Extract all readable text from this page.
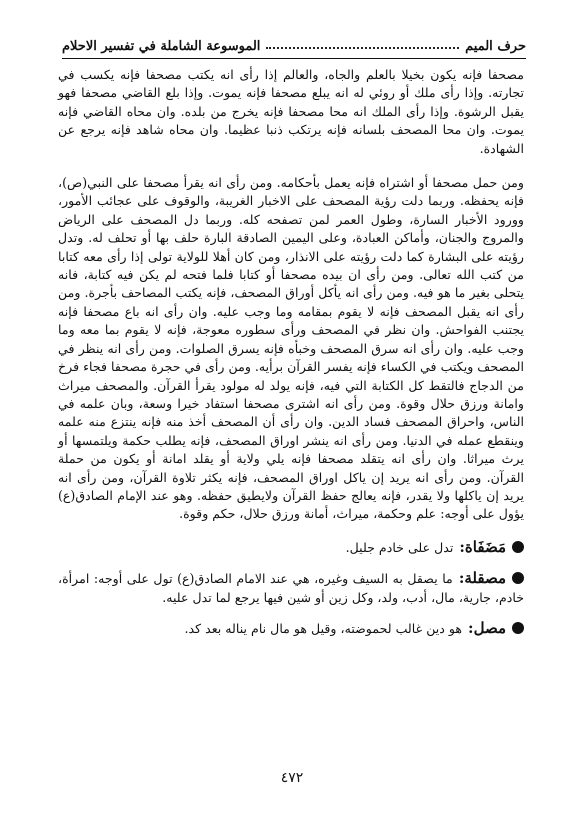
حرف الميم
الموسوعة الشاملة في تفسير الاحلام

مصحفا فإنه يكون بخيلا بالعلم والجاه، والعالم إذا رأى انه يكتب مصحفا فإنه يكسب في تجارته. وإذا رأى ملك أو روئي له انه يبلع مصحفا فإنه يموت. وإذا بلع القاضي مصحفا فهو يقبل الرشوة. وإذا رأى الملك انه محا مصحفا فإنه يخرج من بلده. وان محاه القاضي فإنه يموت. وان محا المصحف بلسانه فإنه يرتكب ذنبا عظيما. وان محاه شاهد فإنه يرجع عن الشهادة.

ومن حمل مصحفا أو اشتراه فإنه يعمل بأحكامه. ومن رأى انه يقرأ مصحفا على النبي(ص)، فإنه يحفظه. وربما دلت رؤية المصحف على الاخبار الغريبة، والوقوف على عجائب الأمور، وورود الأخبار السارة، وطول العمر لمن تصفحه كله. وربما دل المصحف على الرياض والمروج والجنان، وأماكن العبادة، وعلى اليمين الصادقة البارة حلف بها أو تحلف له. وتدل رؤيته على البشارة كما دلت رؤيته على الانذار، ومن كان أهلا للولاية تولى إذا رأى معه كتابا من كتب الله تعالى. ومن رأى ان بيده مصحفا أو كتابا فلما فتحه لم يكن فيه كتابة، فانه يتحلى بغير ما هو فيه. ومن رأى انه يأكل أوراق المصحف، فإنه يكتب المصاحف بأجرة. ومن رأى انه يقبل المصحف فإنه لا يقوم بمقامه وما وجب عليه. وان رأى انه باع مصحفا فإنه يجتنب الفواحش. وان نظر في المصحف ورأى سطوره معوجة، فإنه لا يقوم بما معه وما وجب عليه. وان رأى انه سرق المصحف وخبأه فإنه يسرق الصلوات. ومن رأى انه ينظر في المصحف ويكتب في الكساء فإنه يفسر القرآن برأيه. ومن رأى في حجرة مصحفا فجاء فرخ من الدجاج فالتقط كل الكتابة التي فيه، فإنه يولد له مولود يقرأ القرآن. والمصحف ميراث وامانة ورزق حلال وقوة. ومن رأى انه اشترى مصحفا استفاد خيرا وسعة، وبان علمه في الناس، واحراق المصحف فساد الدين. وان رأى أن المصحف أخذ منه فإنه ينتزع منه علمه وينقطع عمله في الدنيا. ومن رأى انه ينشر اوراق المصحف، فإنه يطلب حكمة ويلتمسها أو يرث ميراثا. وان رأى انه يتقلد مصحفا فإنه يلي ولاية أو يقلد امانة أو يكون من حملة القرآن. ومن رأى انه يريد إن ياكل اوراق المصحف، فإنه يكثر تلاوة القرآن، ومن رأى انه يريد إن ياكلها ولا يقدر، فإنه يعالج حفظ القرآن ولايطيق حفظه. وهو عند الإمام الصادق(ع) يؤول على أوجه: علم وحكمة، ميراث، أمانة ورزق حلال، حكم وقوة.

مَضَفَاة:تدل على خادم جليل.

مصقلة:ما يصقل به السيف وغيره، هي عند الامام الصادق(ع) تول على أوجه: امرأة، خادم، جارية، مال، أدب، ولد، وكل زين أو شين فيها يرجع لما تدل عليه.

مصل:هو دين غالب لحموضته، وقيل هو مال نام يناله بعد كد.

٤٧٢
